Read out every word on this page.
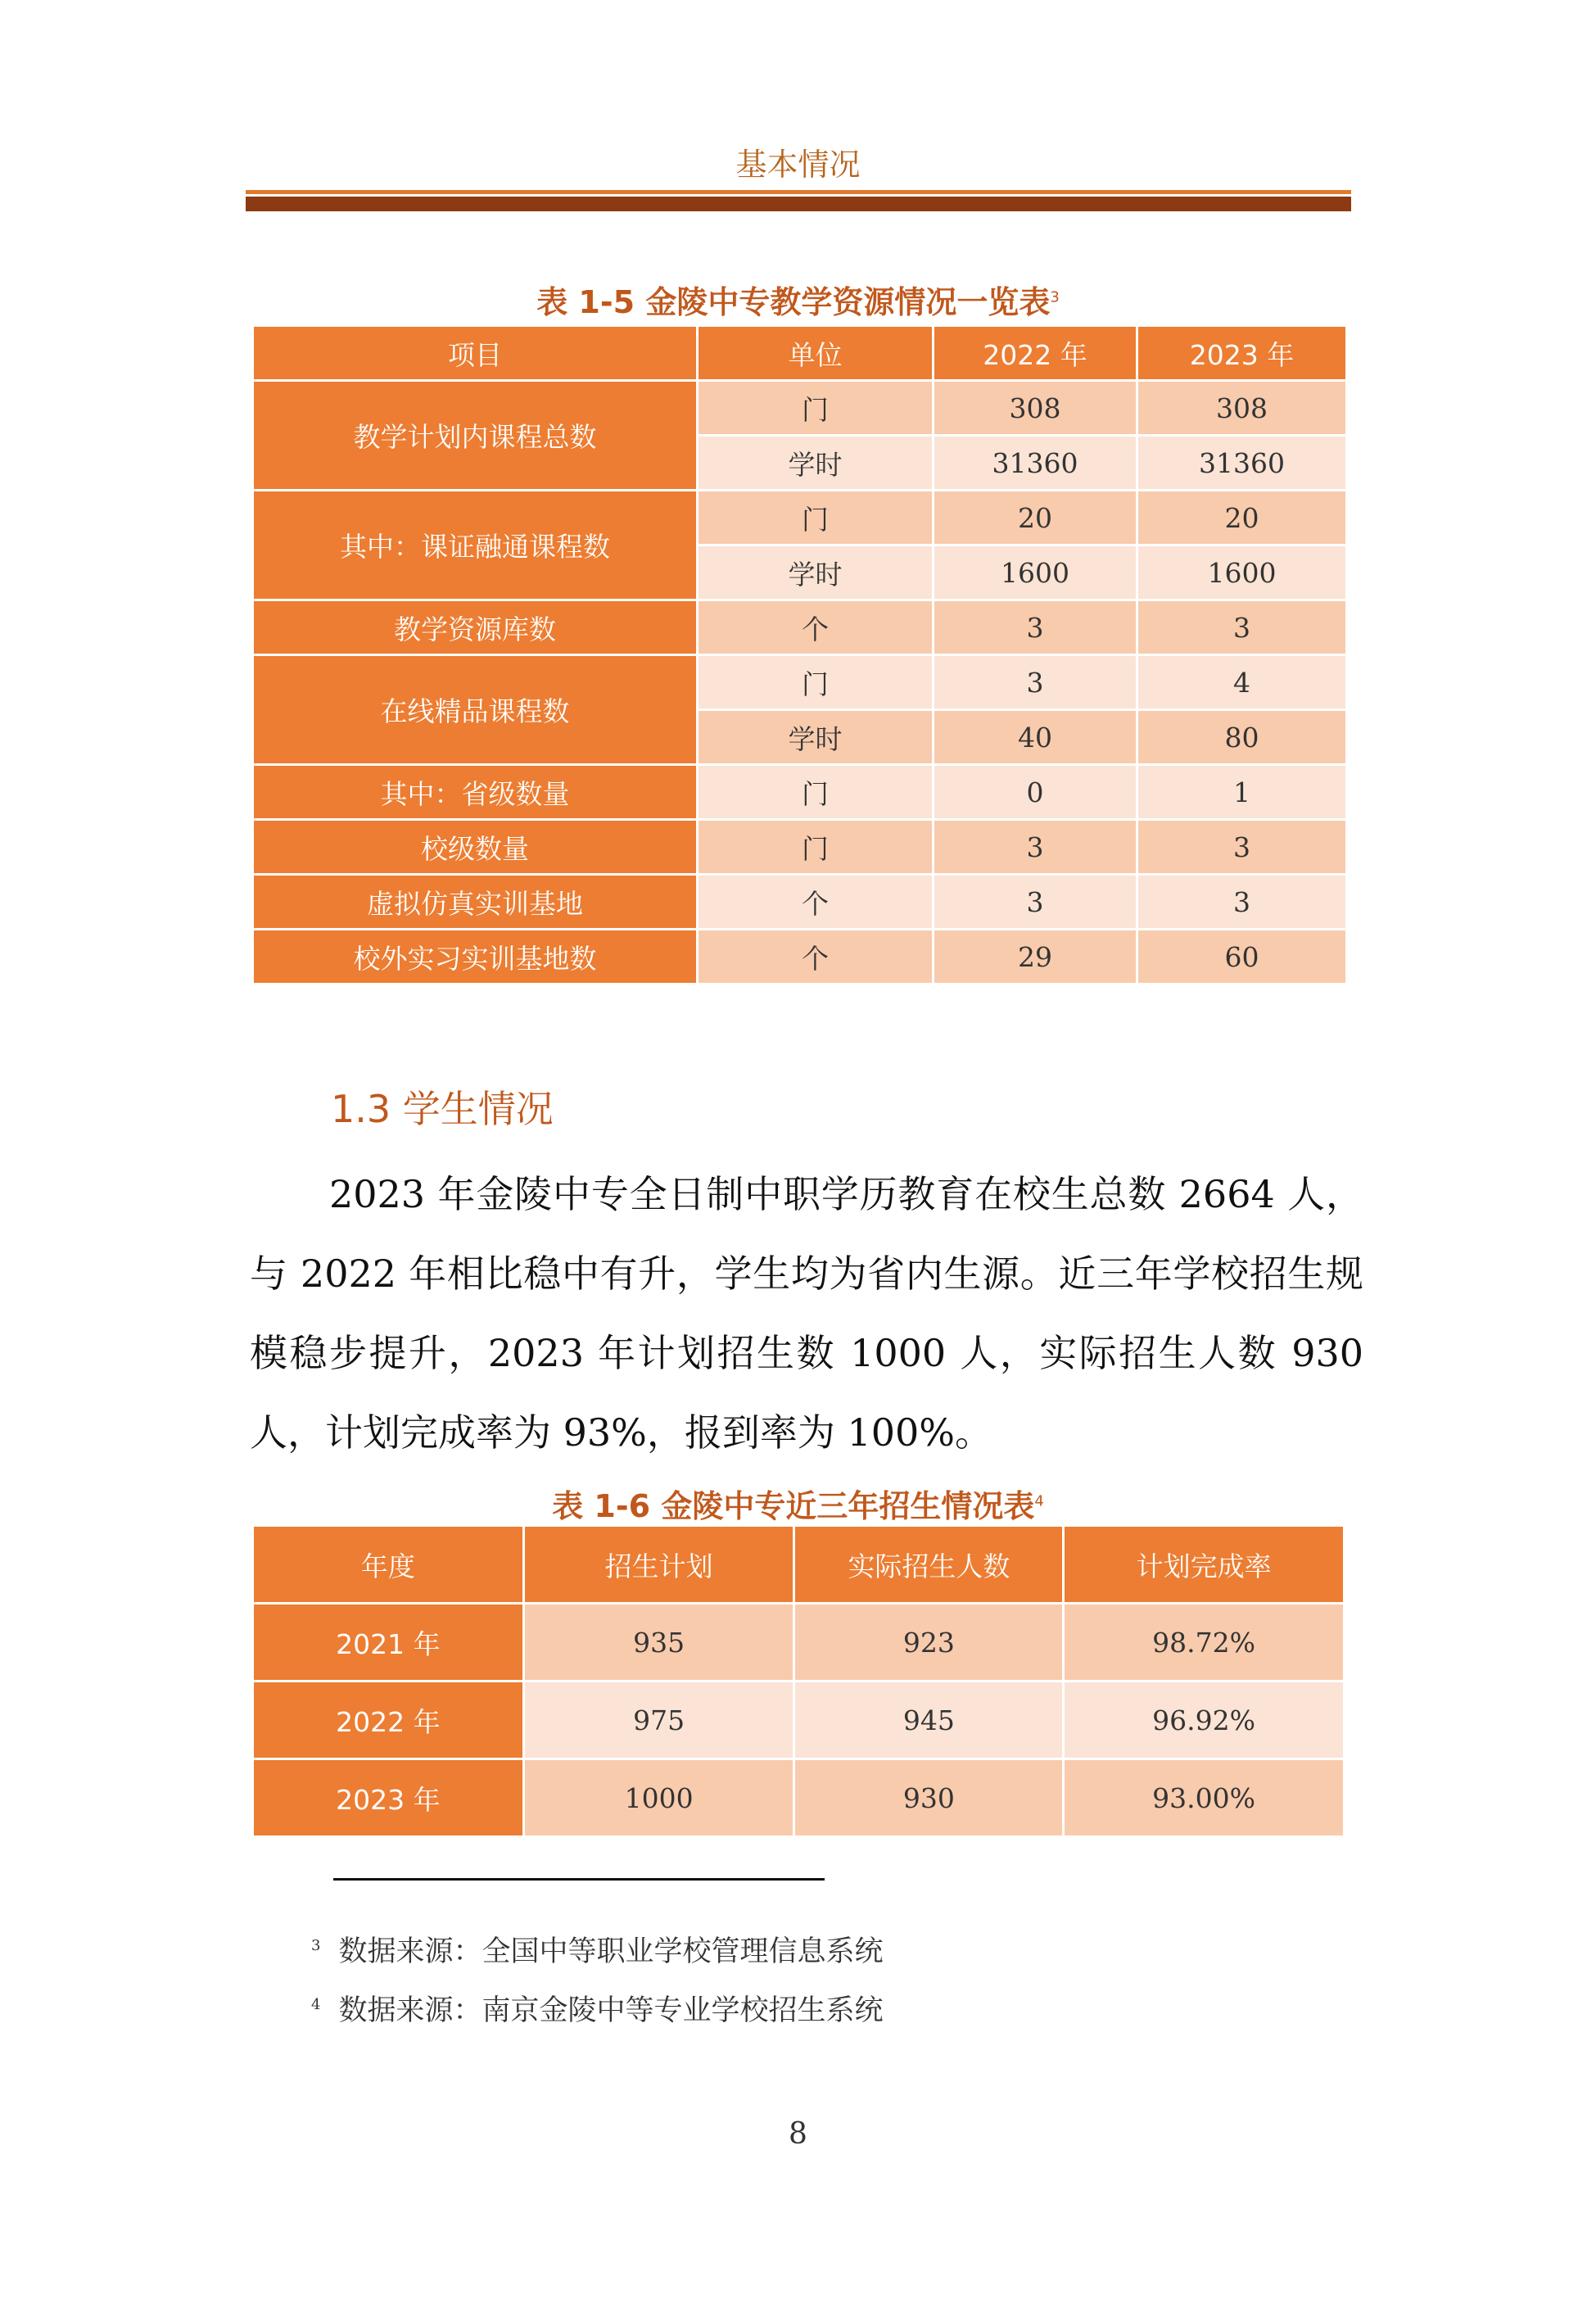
基本情况
表 1-5 金陵中专教学资源情况一览表$^3$
项目	单位	2022 年	2023 年
教学计划内课程总数	门	308	308
	学时	31360	31360
其中：课证融通课程数	门	20	20
	学时	1600	1600
教学资源库数	个	3	3
在线精品课程数	门	3	4
	学时	40	80
其中：省级数量	门	0	1
校级数量	门	3	3
虚拟仿真实训基地	个	3	3
校外实习实训基地数	个	29	60
1.3 学生情况
2023 年金陵中专全日制中职学历教育在校生总数 2664 人，与 2022 年相比稳中有升，学生均为省内生源。近三年学校招生规模稳步提升，2023 年计划招生数 1000 人，实际招生人数 930 人，计划完成率为 93%，报到率为 100%。
表 1-6 金陵中专近三年招生情况表$^4$
年度	招生计划	实际招生人数	计划完成率
2021 年	935	923	98.72%
2022 年	975	945	96.92%
2023 年	1000	930	93.00%
$^3$ 数据来源：全国中等职业学校管理信息系统
$^4$ 数据来源：南京金陵中等专业学校招生系统
8
